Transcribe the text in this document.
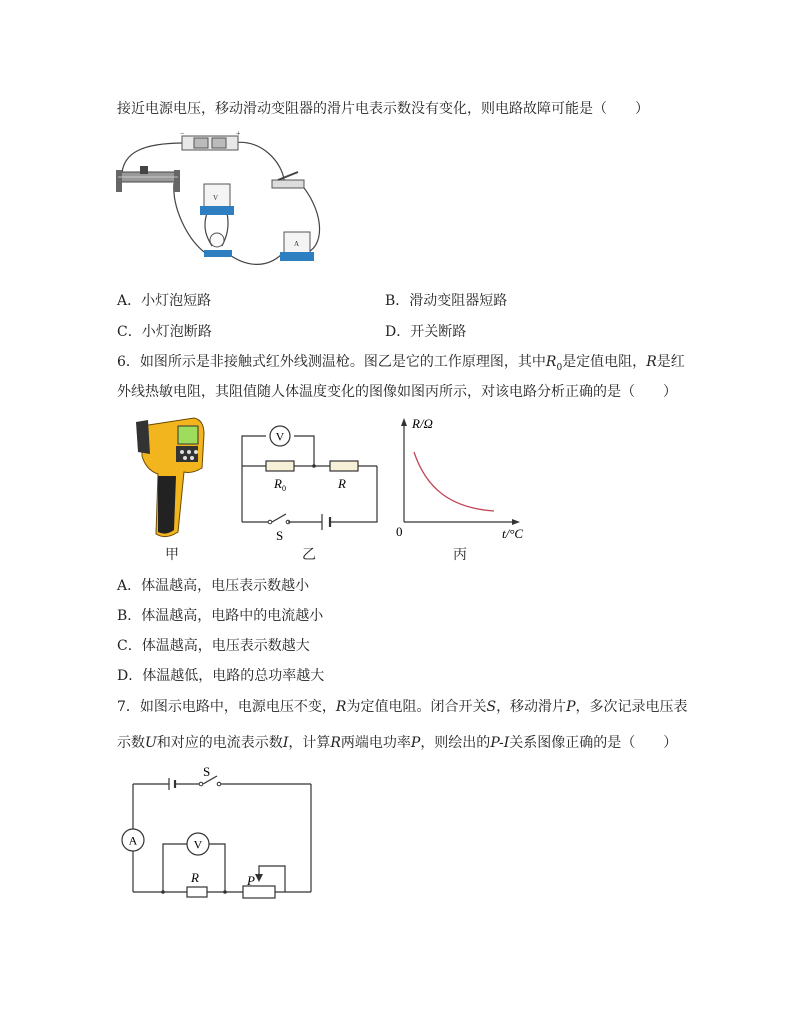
接近电源电压，移动滑动变阻器的滑片电表示数没有变化，则电路故障可能是（　　）
−	+
V
A
A．小灯泡短路	B．滑动变阻器短路
C．小灯泡断路	D．开关断路
6．如图所示是非接触式红外线测温枪。图乙是它的工作原理图，其中$R_0$是定值电阻，R是红
外线热敏电阻，其阻值随人体温度变化的图像如图丙所示，对该电路分析正确的是（　　）
V
$R_0$	R
S
R/Ω
t/°C
0
甲	乙	丙
A．体温越高，电压表示数越小
B．体温越高，电路中的电流越小
C．体温越高，电压表示数越大
D．体温越低，电路的总功率越大
7．如图示电路中，电源电压不变，R为定值电阻。闭合开关S，移动滑片P，多次记录电压表
示数U和对应的电流表示数I，计算R两端电功率P，则绘出的P-I关系图像正确的是（　　）
A	V
S
R	P
